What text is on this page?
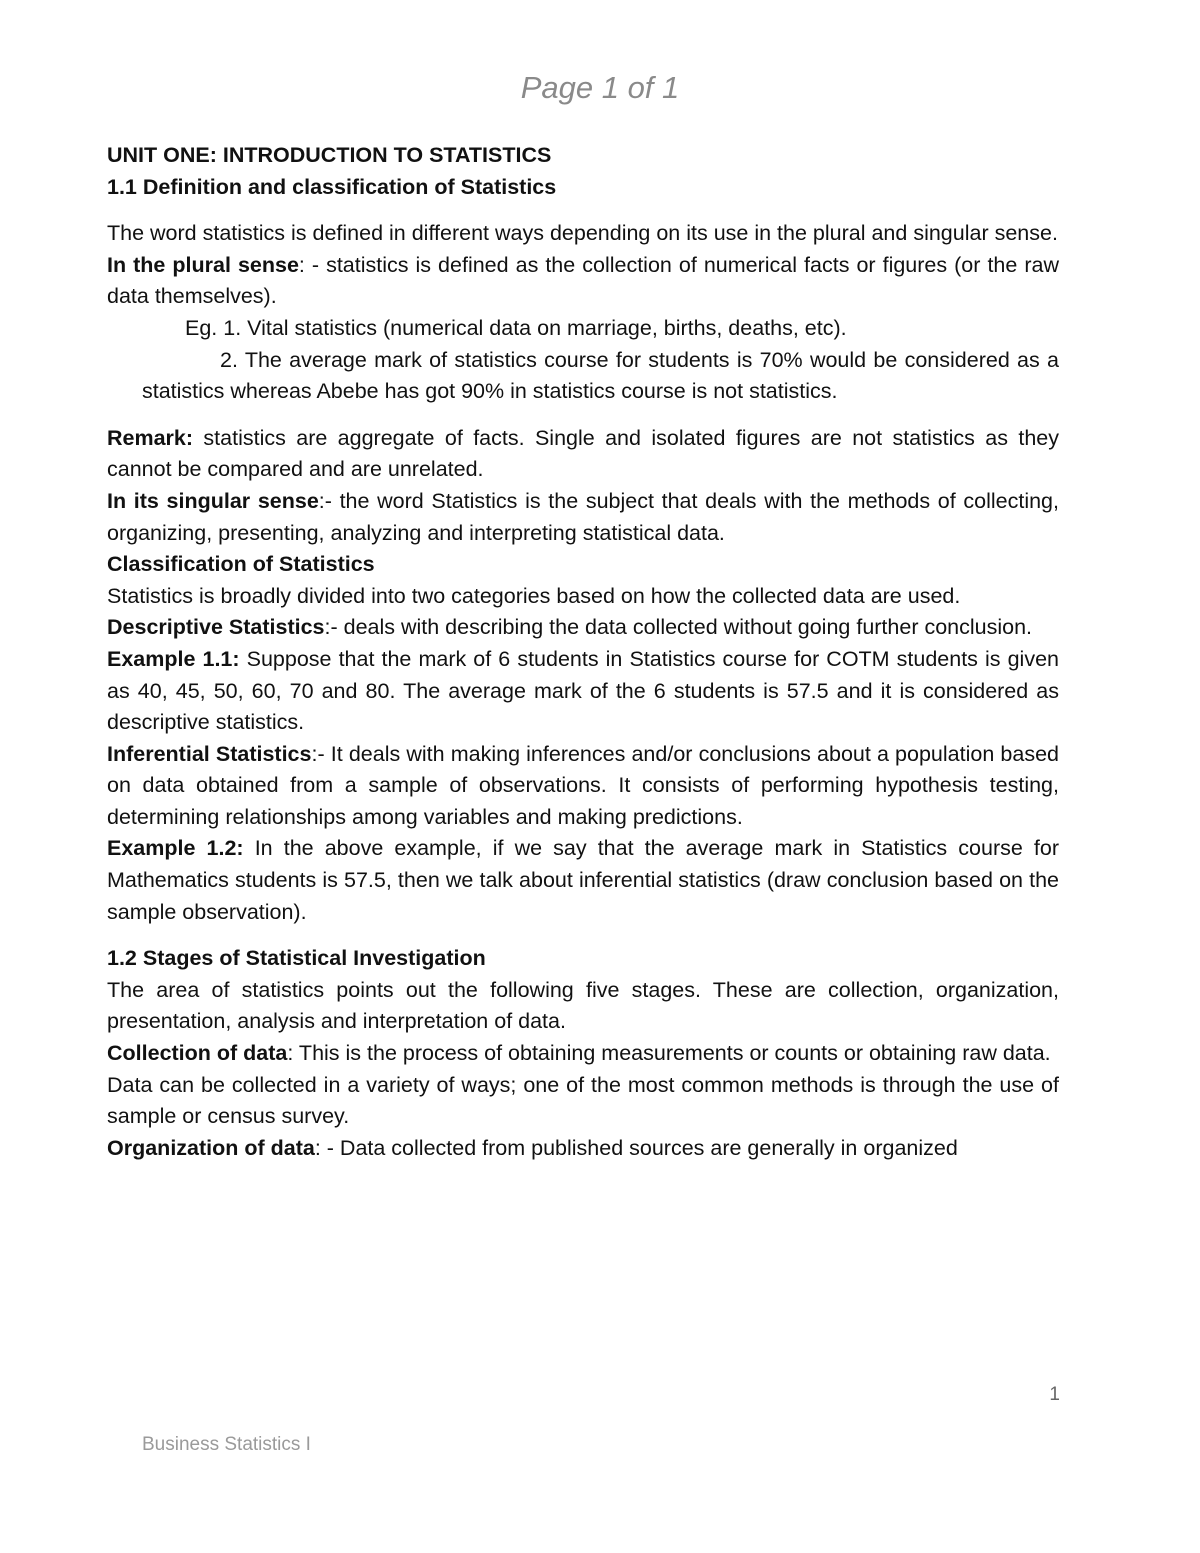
Page 1 of 1

UNIT ONE: INTRODUCTION TO STATISTICS

1.1 Definition and classification of Statistics

The word statistics is defined in different ways depending on its use in the plural and singular sense.

In the plural sense: - statistics is defined as the collection of numerical facts or figures (or the raw data themselves).

Eg. 1. Vital statistics (numerical data on marriage, births, deaths, etc).

2. The average mark of statistics course for students is 70% would be considered as a statistics whereas Abebe has got 90% in statistics course is not statistics.

Remark: statistics are aggregate of facts. Single and isolated figures are not statistics as they cannot be compared and are unrelated.

In its singular sense:- the word Statistics is the subject that deals with the methods of collecting, organizing, presenting, analyzing and interpreting statistical data.

Classification of Statistics

Statistics is broadly divided into two categories based on how the collected data are used.

Descriptive Statistics:- deals with describing the data collected without going further conclusion.

Example 1.1: Suppose that the mark of 6 students in Statistics course for COTM students is given as 40, 45, 50, 60, 70 and 80. The average mark of the 6 students is 57.5 and it is considered as descriptive statistics.

Inferential Statistics:- It deals with making inferences and/or conclusions about a population based on data obtained from a sample of observations. It consists of performing hypothesis testing, determining relationships among variables and making predictions.

Example 1.2: In the above example, if we say that the average mark in Statistics course for Mathematics students is 57.5, then we talk about inferential statistics (draw conclusion based on the sample observation).

1.2 Stages of Statistical Investigation

The area of statistics points out the following five stages. These are collection, organization, presentation, analysis and interpretation of data.

Collection of data: This is the process of obtaining measurements or counts or obtaining raw data.

Data can be collected in a variety of ways; one of the most common methods is through the use of sample or census survey.

Organization of data: - Data collected from published sources are generally in organized

1
Business Statistics I
